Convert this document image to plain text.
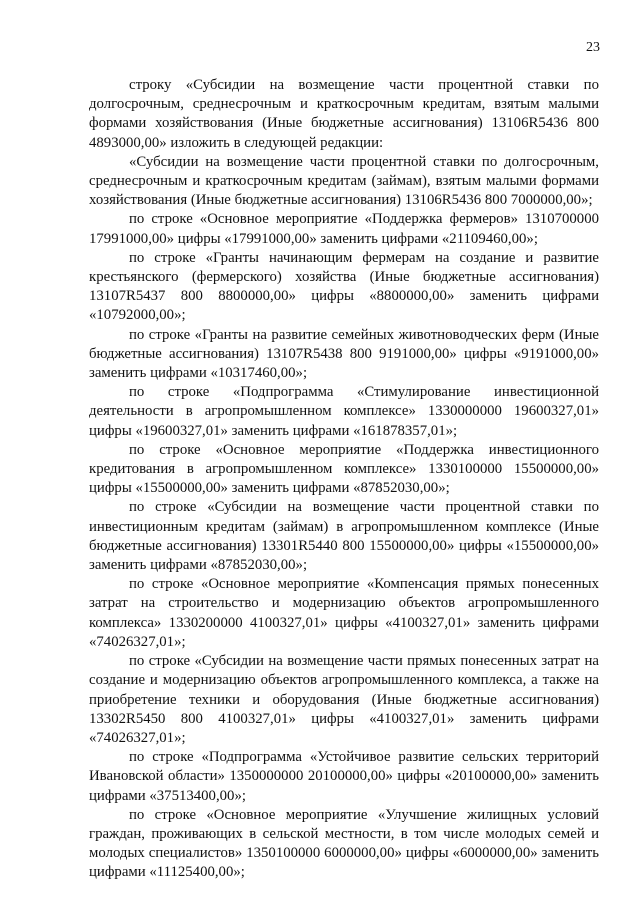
23

строку «Субсидии на возмещение части процентной ставки по долгосрочным, среднесрочным и краткосрочным кредитам, взятым малыми формами хозяйствования (Иные бюджетные ассигнования) 13106R5436 800 4893000,00» изложить в следующей редакции:

«Субсидии на возмещение части процентной ставки по долгосрочным, среднесрочным и краткосрочным кредитам (займам), взятым малыми формами хозяйствования (Иные бюджетные ассигнования) 13106R5436 800 7000000,00»;

по строке «Основное мероприятие «Поддержка фермеров» 1310700000 17991000,00» цифры «17991000,00» заменить цифрами «21109460,00»;

по строке «Гранты начинающим фермерам на создание и развитие крестьянского (фермерского) хозяйства (Иные бюджетные ассигнования) 13107R5437 800 8800000,00» цифры «8800000,00» заменить цифрами «10792000,00»;

по строке «Гранты на развитие семейных животноводческих ферм (Иные бюджетные ассигнования) 13107R5438 800 9191000,00» цифры «9191000,00» заменить цифрами «10317460,00»;

по строке «Подпрограмма «Стимулирование инвестиционной деятельности в агропромышленном комплексе» 1330000000 19600327,01» цифры «19600327,01» заменить цифрами «161878357,01»;

по строке «Основное мероприятие «Поддержка инвестиционного кредитования в агропромышленном комплексе» 1330100000 15500000,00» цифры «15500000,00» заменить цифрами «87852030,00»;

по строке «Субсидии на возмещение части процентной ставки по инвестиционным кредитам (займам) в агропромышленном комплексе (Иные бюджетные ассигнования) 13301R5440 800 15500000,00» цифры «15500000,00» заменить цифрами «87852030,00»;

по строке «Основное мероприятие «Компенсация прямых понесенных затрат на строительство и модернизацию объектов агропромышленного комплекса» 1330200000 4100327,01» цифры «4100327,01» заменить цифрами «74026327,01»;

по строке «Субсидии на возмещение части прямых понесенных затрат на создание и модернизацию объектов агропромышленного комплекса, а также на приобретение техники и оборудования (Иные бюджетные ассигнования) 13302R5450 800 4100327,01» цифры «4100327,01» заменить цифрами «74026327,01»;

по строке «Подпрограмма «Устойчивое развитие сельских территорий Ивановской области» 1350000000 20100000,00» цифры «20100000,00» заменить цифрами «37513400,00»;

по строке «Основное мероприятие «Улучшение жилищных условий граждан, проживающих в сельской местности, в том числе молодых семей и молодых специалистов» 1350100000 6000000,00» цифры «6000000,00» заменить цифрами «11125400,00»;
